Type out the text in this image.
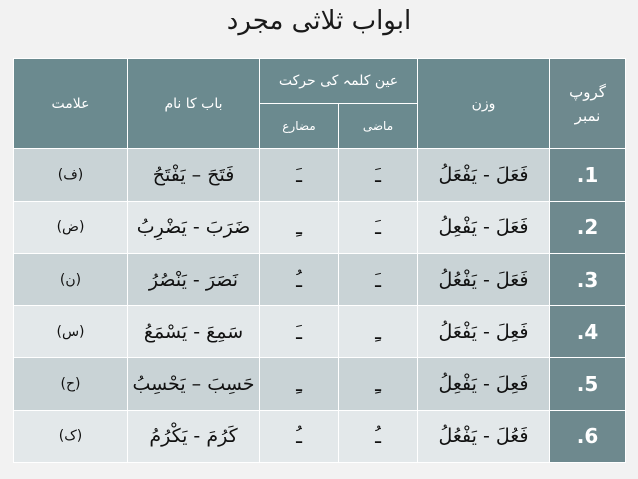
ابواب ثلاثی مجرد
گروپ
نمبر	وزن	عین کلمہ کی حرکت		باب کا نام	علامت
		ماضی	مضارع		
1.	فَعَلَ - يَفْعَلُ	ـَ	ـَ	فَتَحَ – يَفْتَحُ	(ف)
2.	فَعَلَ - يَفْعِلُ	ـَ	ـِ	ضَرَبَ - يَضْرِبُ	(ض)
3.	فَعَلَ - يَفْعُلُ	ـَ	ـُ	نَصَرَ - يَنْصُرُ	(ن)
4.	فَعِلَ - يَفْعَلُ	ـِ	ـَ	سَمِعَ - يَسْمَعُ	(س)
5.	فَعِلَ - يَفْعِلُ	ـِ	ـِ	حَسِبَ – يَحْسِبُ	(ح)
6.	فَعُلَ - يَفْعُلُ	ـُ	ـُ	كَرُمَ - يَكْرُمُ	(ک)
